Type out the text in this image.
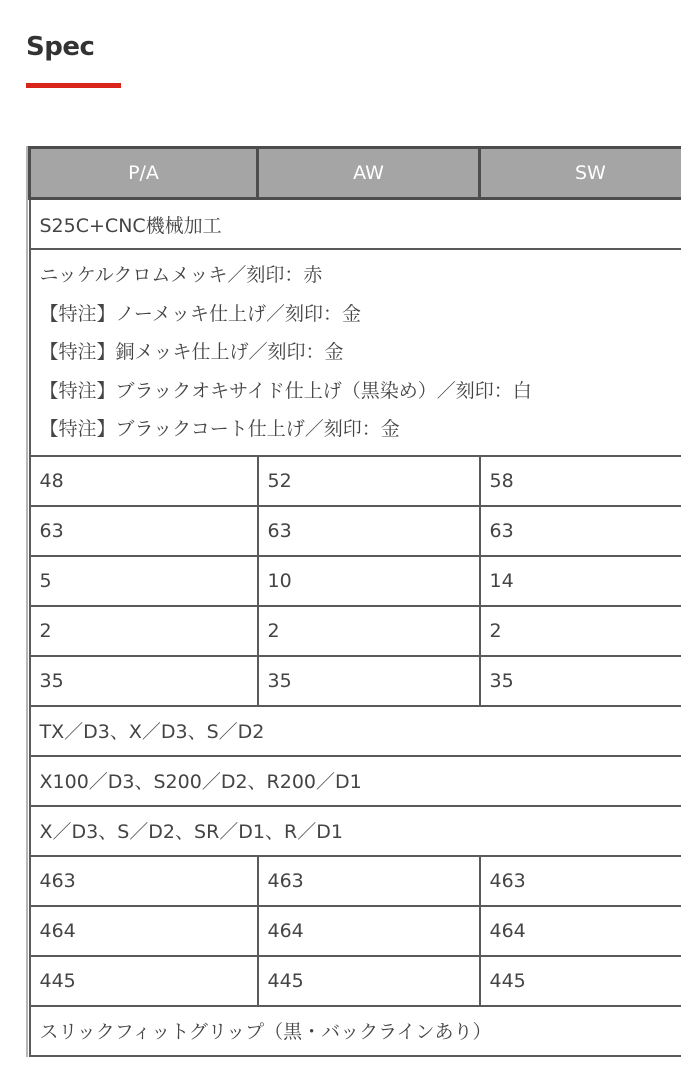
Spec
P/A	AW	SW
S25C+CNC機械加工		

ニッケルクロムメッキ／刻印：赤
【特注】ノーメッキ仕上げ／刻印：金
【特注】銅メッキ仕上げ／刻印：金
【特注】ブラックオキサイド仕上げ（黒染め）／刻印：白
【特注】ブラックコート仕上げ／刻印：金		

48	52	58
63	63	63
5	10	14
2	2	2
35	35	35
TX／D3、X／D3、S／D2		
X100／D3、S200／D2、R200／D1		
X／D3、S／D2、SR／D1、R／D1		
463	463	463
464	464	464
445	445	445
スリックフィットグリップ（黒・バックラインあり）		
